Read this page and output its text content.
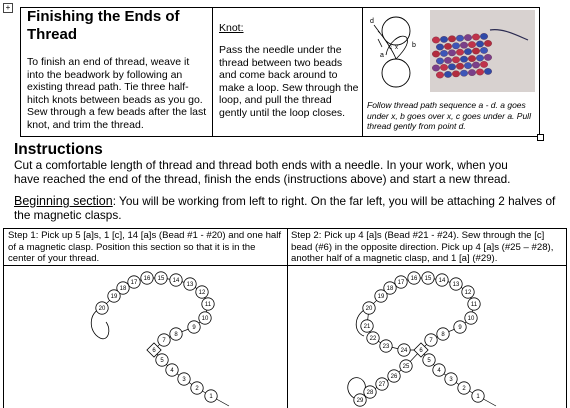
+
Finishing the Ends of
Thread
To finish an end of thread, weave it into the beadwork by following an existing thread path. Tie three half-hitch knots between beads as you go. Sew through a few beads after the last knot, and trim the thread.
Knot:
Pass the needle under the thread between two beads and come back around to make a loop. Sew through the loop, and pull the thread gently until the loop closes.
d
c x b
a
Follow thread path sequence a - d. a goes under x, b goes over x, c goes under a. Pull thread gently from point d.
Instructions
Cut a comfortable length of thread and thread both ends with a needle. In your work, when you have reached the end of the thread, finish the ends (instructions above) and start a new thread.
Beginning section: You will be working from left to right. On the far left, you will be attaching 2 halves of the magnetic clasps.
Step 1: Pick up 5 [a]s, 1 [c], 14 [a]s (Bead #1 - #20) and one half of a magnetic clasp. Position this section so that it is in the center of your thread.
Step 2: Pick up 4 [a]s (Bead #21 - #24). Sew through the [c] bead (#6) in the opposite direction. Pick up 4 [a]s (#25 – #28), another half of a magnetic clasp, and 1 [a] (#29).
1
2
3
4
5
6
7
8
9
10
11
12
13
14
15
16
17
18
19
20
1
2
3
4
5
6
7
8
9
10
11
12
13
14
15
16
17
18
19
20
21
22
23
24
25
26
27
28
29
